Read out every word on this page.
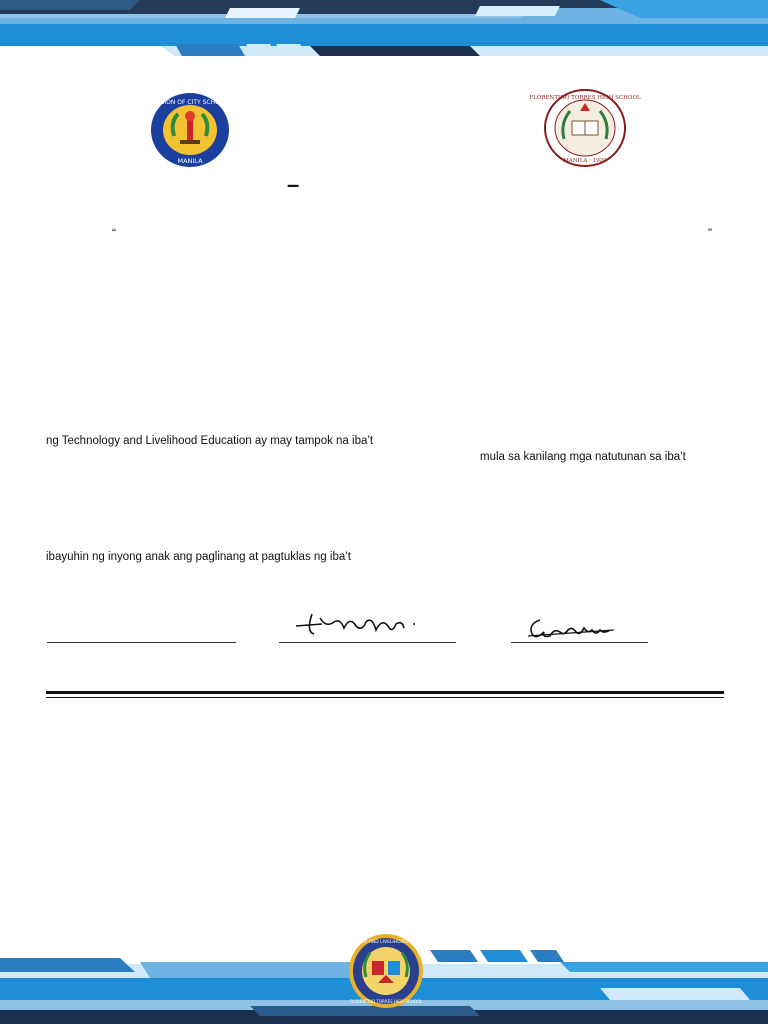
DIVISION OF CITY SCHOOLS
MANILA
FLORENTINO TORRES HIGH SCHOOL
MANILA · 1920
–
“	”
ng Technology and Livelihood Education ay may tampok na iba’t
mula sa kanilang mga natutunan sa iba’t
ibayuhin ng inyong anak ang paglinang at pagtuklas ng iba’t
TECHNOLOGY AND LIVELIHOOD EDUCATION
FLORENTINO TORRES HIGH SCHOOL
